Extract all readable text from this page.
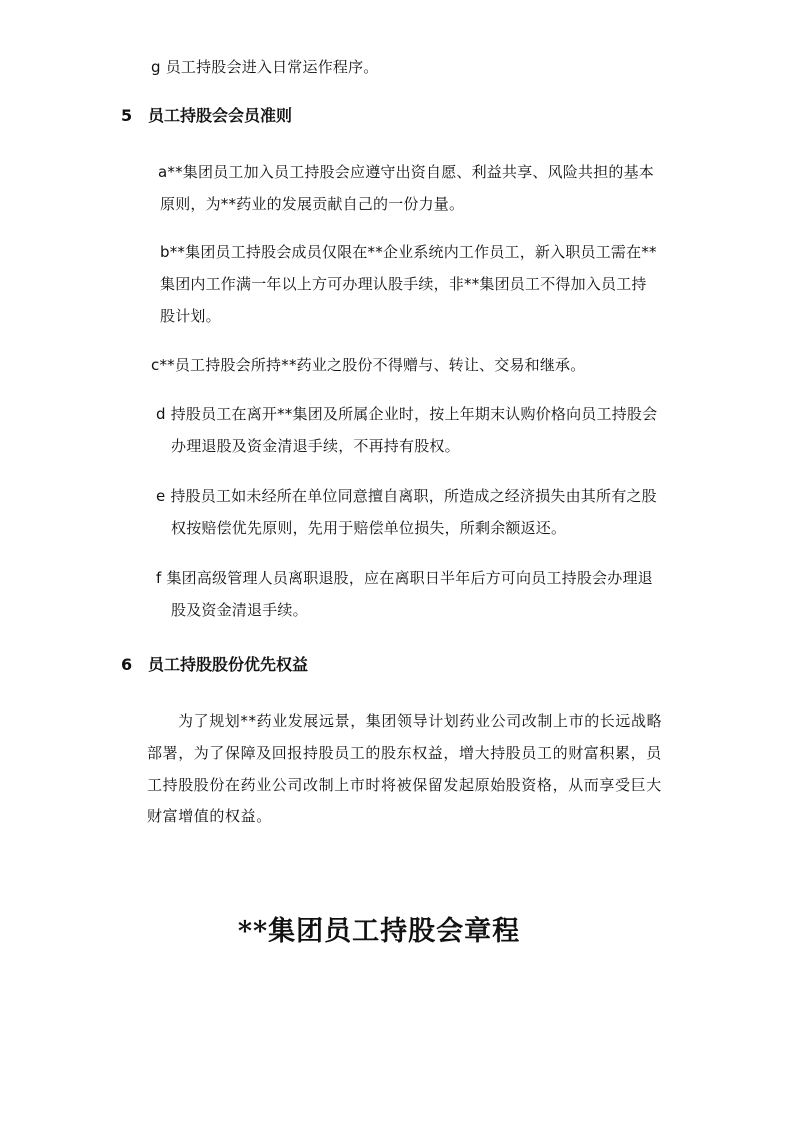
g 员工持股会进入日常运作程序。
5 员工持股会会员准则
a**集团员工加入员工持股会应遵守出资自愿、利益共享、风险共担的基本
原则，为**药业的发展贡献自己的一份力量。
b**集团员工持股会成员仅限在**企业系统内工作员工，新入职员工需在**
集团内工作满一年以上方可办理认股手续，非**集团员工不得加入员工持
股计划。
c**员工持股会所持**药业之股份不得赠与、转让、交易和继承。
d 持股员工在离开**集团及所属企业时，按上年期末认购价格向员工持股会
办理退股及资金清退手续，不再持有股权。
e 持股员工如未经所在单位同意擅自离职，所造成之经济损失由其所有之股
权按赔偿优先原则，先用于赔偿单位损失，所剩余额返还。
f 集团高级管理人员离职退股，应在离职日半年后方可向员工持股会办理退
股及资金清退手续。
6 员工持股股份优先权益
为了规划**药业发展远景，集团领导计划药业公司改制上市的长远战略
部署，为了保障及回报持股员工的股东权益，增大持股员工的财富积累，员
工持股股份在药业公司改制上市时将被保留发起原始股资格，从而享受巨大
财富增值的权益。
**集团员工持股会章程
